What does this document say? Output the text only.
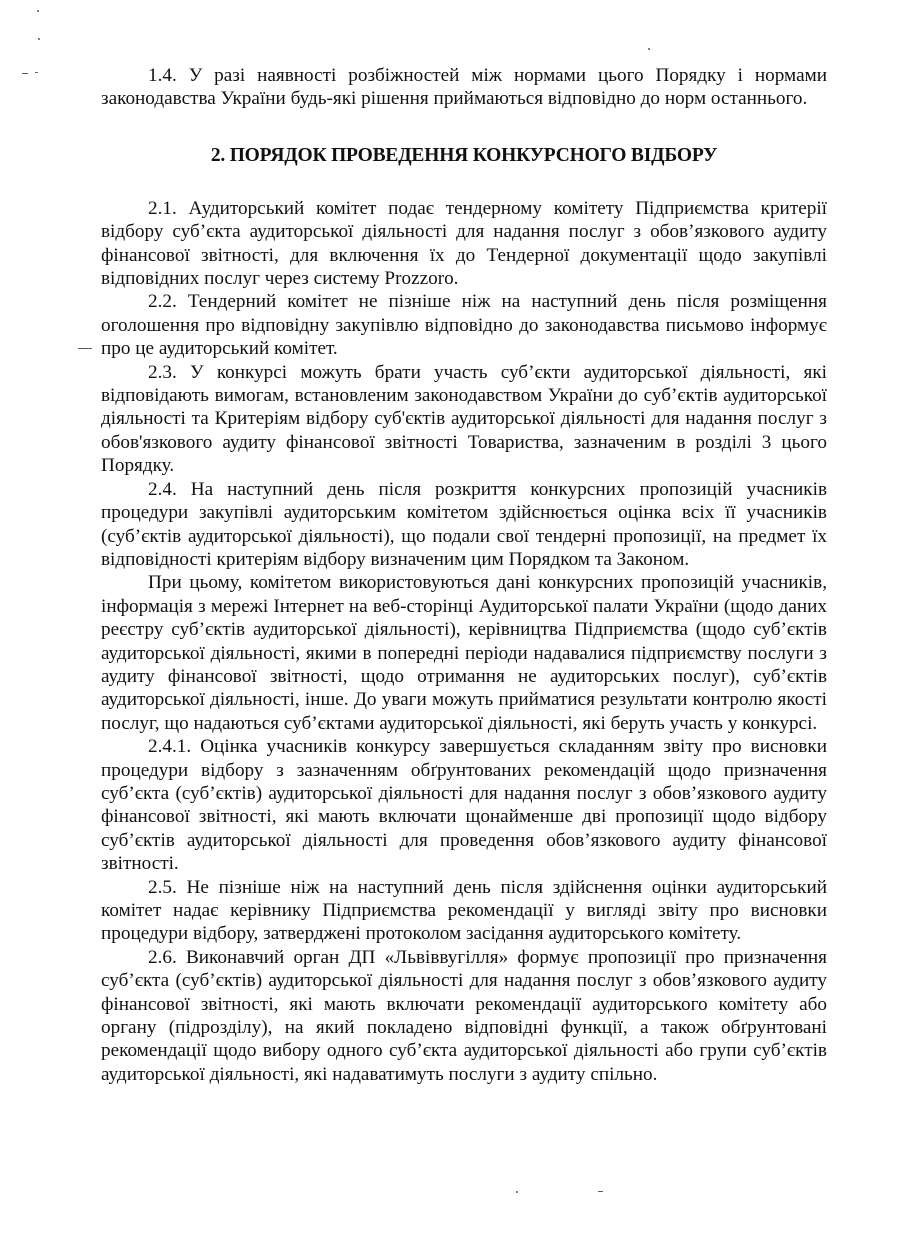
1.4. У разі наявності розбіжностей між нормами цього Порядку і нормами законодавства України будь-які рішення приймаються відповідно до норм останнього.

2. ПОРЯДОК ПРОВЕДЕННЯ КОНКУРСНОГО ВІДБОРУ

2.1. Аудиторський комітет подає тендерному комітету Підприємства критерії відбору суб’єкта аудиторської діяльності для надання послуг з обов’язкового аудиту фінансової звітності, для включення їх до Тендерної документації щодо закупівлі відповідних послуг через систему Prozzoro.

2.2. Тендерний комітет не пізніше ніж на наступний день після розміщення оголошення про відповідну закупівлю відповідно до законодавства письмово інформує про це аудиторський комітет.

2.3. У конкурсі можуть брати участь суб’єкти аудиторської діяльності, які відповідають вимогам, встановленим законодавством України до суб’єктів аудиторської діяльності та Критеріям відбору суб'єктів аудиторської діяльності для надання послуг з обов'язкового аудиту фінансової звітності Товариства, зазначеним в розділі 3 цього Порядку.

2.4. На наступний день після розкриття конкурсних пропозицій учасників процедури закупівлі аудиторським комітетом здійснюється оцінка всіх її учасників (суб’єктів аудиторської діяльності), що подали свої тендерні пропозиції, на предмет їх відповідності критеріям відбору визначеним цим Порядком та Законом.

При цьому, комітетом використовуються дані конкурсних пропозицій учасників, інформація з мережі Інтернет на веб-сторінці Аудиторської палати України (щодо даних реєстру суб’єктів аудиторської діяльності), керівництва Підприємства (щодо суб’єктів аудиторської діяльності, якими в попередні періоди надавалися підприємству послуги з аудиту фінансової звітності, щодо отримання не аудиторських послуг), суб’єктів аудиторської діяльності, інше. До уваги можуть прийматися результати контролю якості послуг, що надаються суб’єктами аудиторської діяльності, які беруть участь у конкурсі.

2.4.1. Оцінка учасників конкурсу завершується складанням звіту про висновки процедури відбору з зазначенням обґрунтованих рекомендацій щодо призначення суб’єкта (суб’єктів) аудиторської діяльності для надання послуг з обов’язкового аудиту фінансової звітності, які мають включати щонайменше дві пропозиції щодо відбору суб’єктів аудиторської діяльності для проведення обов’язкового аудиту фінансової звітності.

2.5. Не пізніше ніж на наступний день після здійснення оцінки аудиторський комітет надає керівнику Підприємства рекомендації у вигляді звіту про висновки процедури відбору, затверджені протоколом засідання аудиторського комітету.

2.6. Виконавчий орган ДП «Львіввугілля» формує пропозиції про призначення суб’єкта (суб’єктів) аудиторської діяльності для надання послуг з обов’язкового аудиту фінансової звітності, які мають включати рекомендації аудиторського комітету або органу (підрозділу), на який покладено відповідні функції, а також обґрунтовані рекомендації щодо вибору одного суб’єкта аудиторської діяльності або групи суб’єктів аудиторської діяльності, які надаватимуть послуги з аудиту спільно.
